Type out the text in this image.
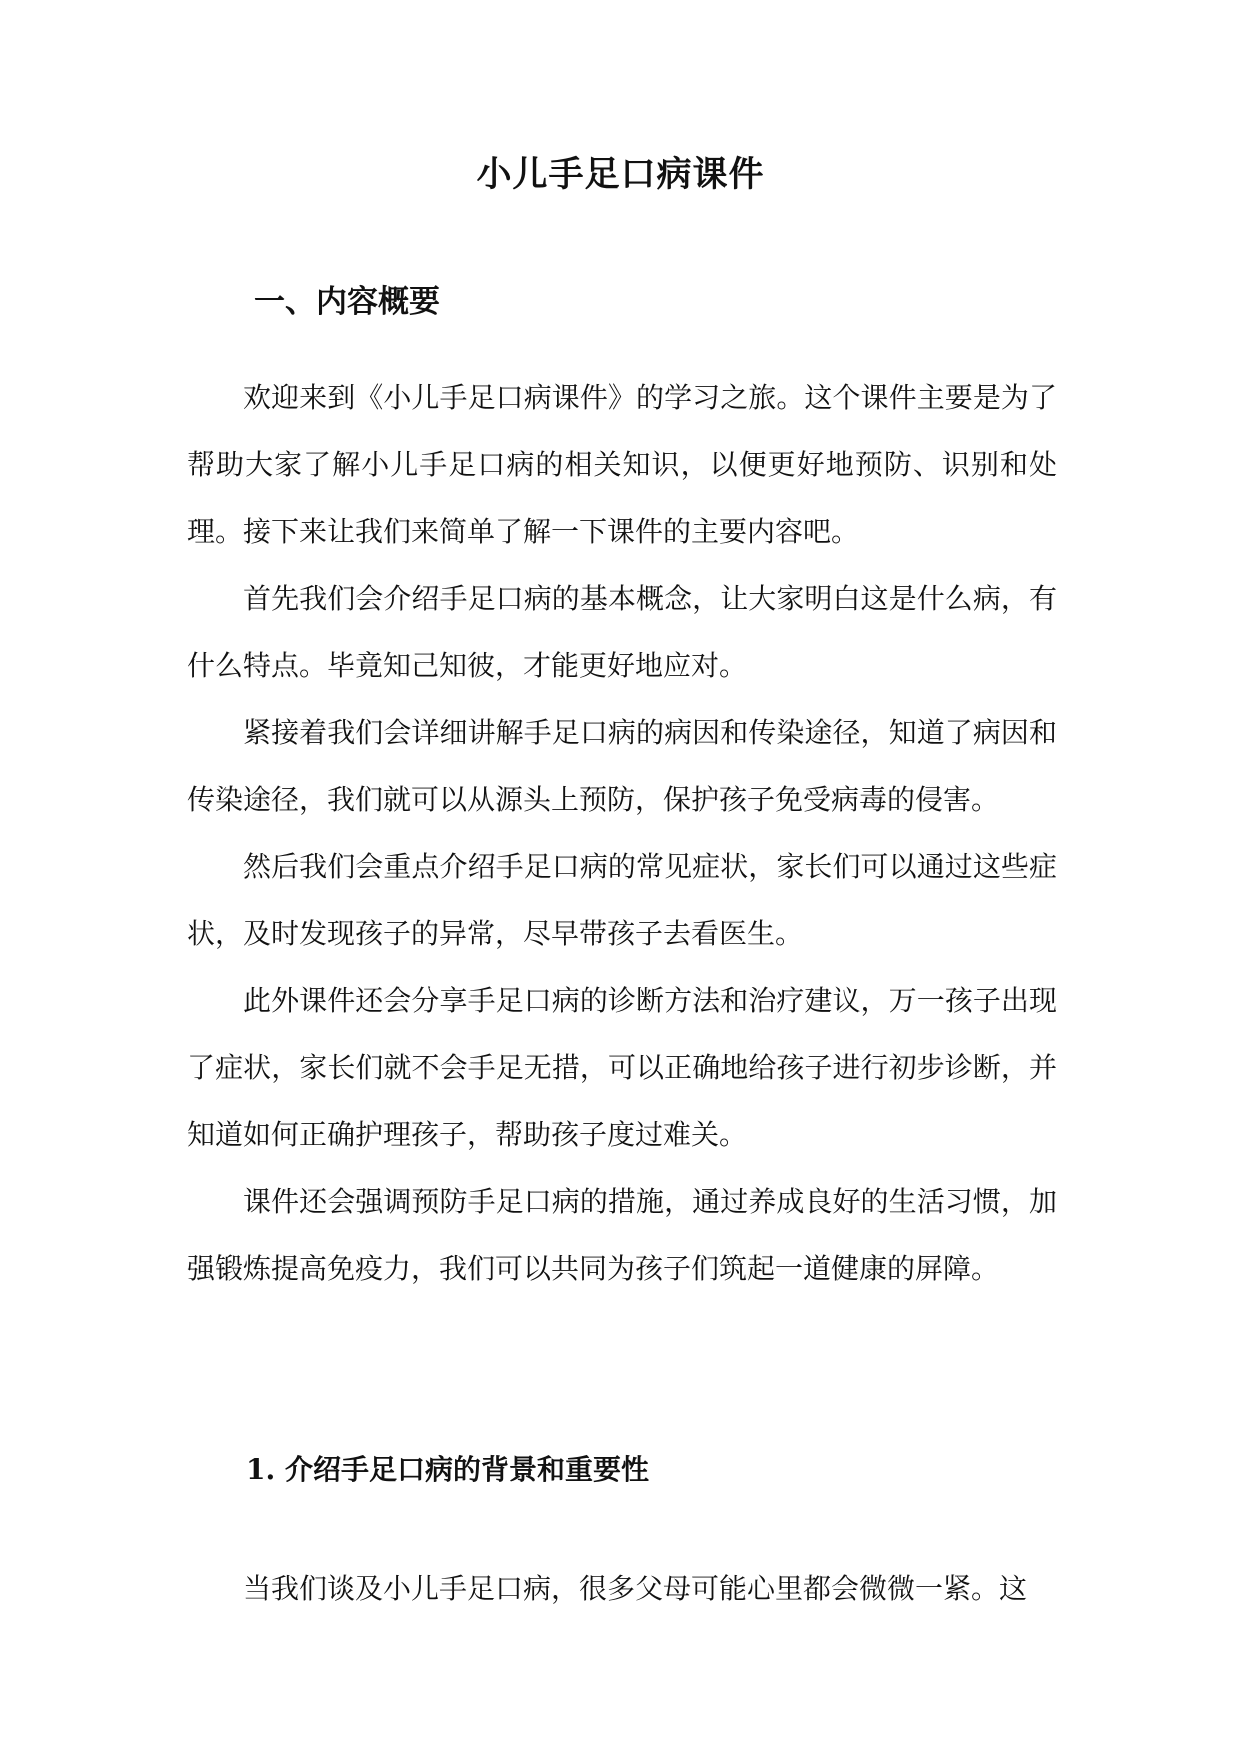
小儿手足口病课件
一、内容概要

欢迎来到《小儿手足口病课件》的学习之旅。这个课件主要是为了帮助大家了解小儿手足口病的相关知识，以便更好地预防、识别和处理。接下来让我们来简单了解一下课件的主要内容吧。

首先我们会介绍手足口病的基本概念，让大家明白这是什么病，有什么特点。毕竟知己知彼，才能更好地应对。

紧接着我们会详细讲解手足口病的病因和传染途径，知道了病因和传染途径，我们就可以从源头上预防，保护孩子免受病毒的侵害。

然后我们会重点介绍手足口病的常见症状，家长们可以通过这些症状，及时发现孩子的异常，尽早带孩子去看医生。

此外课件还会分享手足口病的诊断方法和治疗建议，万一孩子出现了症状，家长们就不会手足无措，可以正确地给孩子进行初步诊断，并知道如何正确护理孩子，帮助孩子度过难关。

课件还会强调预防手足口病的措施，通过养成良好的生活习惯，加强锻炼提高免疫力，我们可以共同为孩子们筑起一道健康的屏障。

1. 介绍手足口病的背景和重要性

当我们谈及小儿手足口病，很多父母可能心里都会微微一紧。这
